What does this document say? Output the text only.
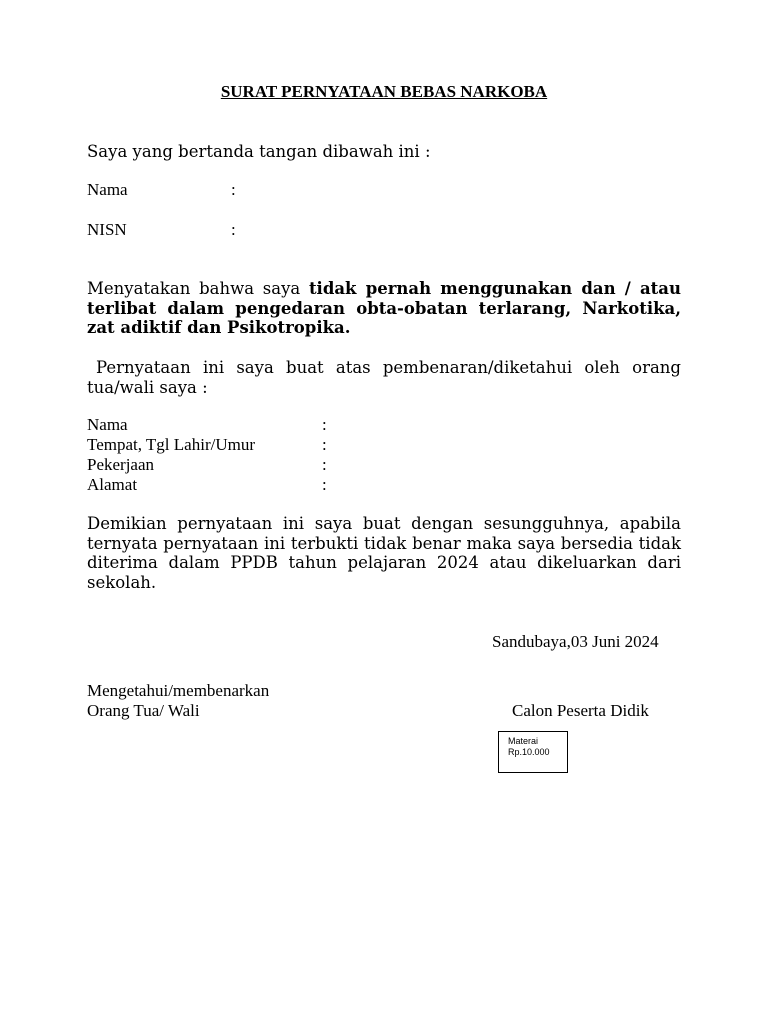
SURAT PERNYATAAN BEBAS NARKOBA
Saya yang bertanda tangan dibawah ini :
Nama	:
NISN	:
Menyatakan bahwa saya tidak pernah menggunakan dan / atau terlibat dalam pengedaran obta-obatan terlarang, Narkotika, zat adiktif dan Psikotropika.
Pernyataan ini saya buat atas pembenaran/diketahui oleh orang tua/wali saya :
Nama	:
Tempat, Tgl Lahir/Umur	:
Pekerjaan	:
Alamat	:
Demikian pernyataan ini saya buat dengan sesungguhnya, apabila ternyata pernyataan ini terbukti tidak benar maka saya bersedia tidak diterima dalam PPDB tahun pelajaran 2024 atau dikeluarkan dari sekolah.
Sandubaya,03 Juni 2024
Mengetahui/membenarkan
Orang Tua/ Wali	Calon Peserta Didik
Materai
Rp.10.000
